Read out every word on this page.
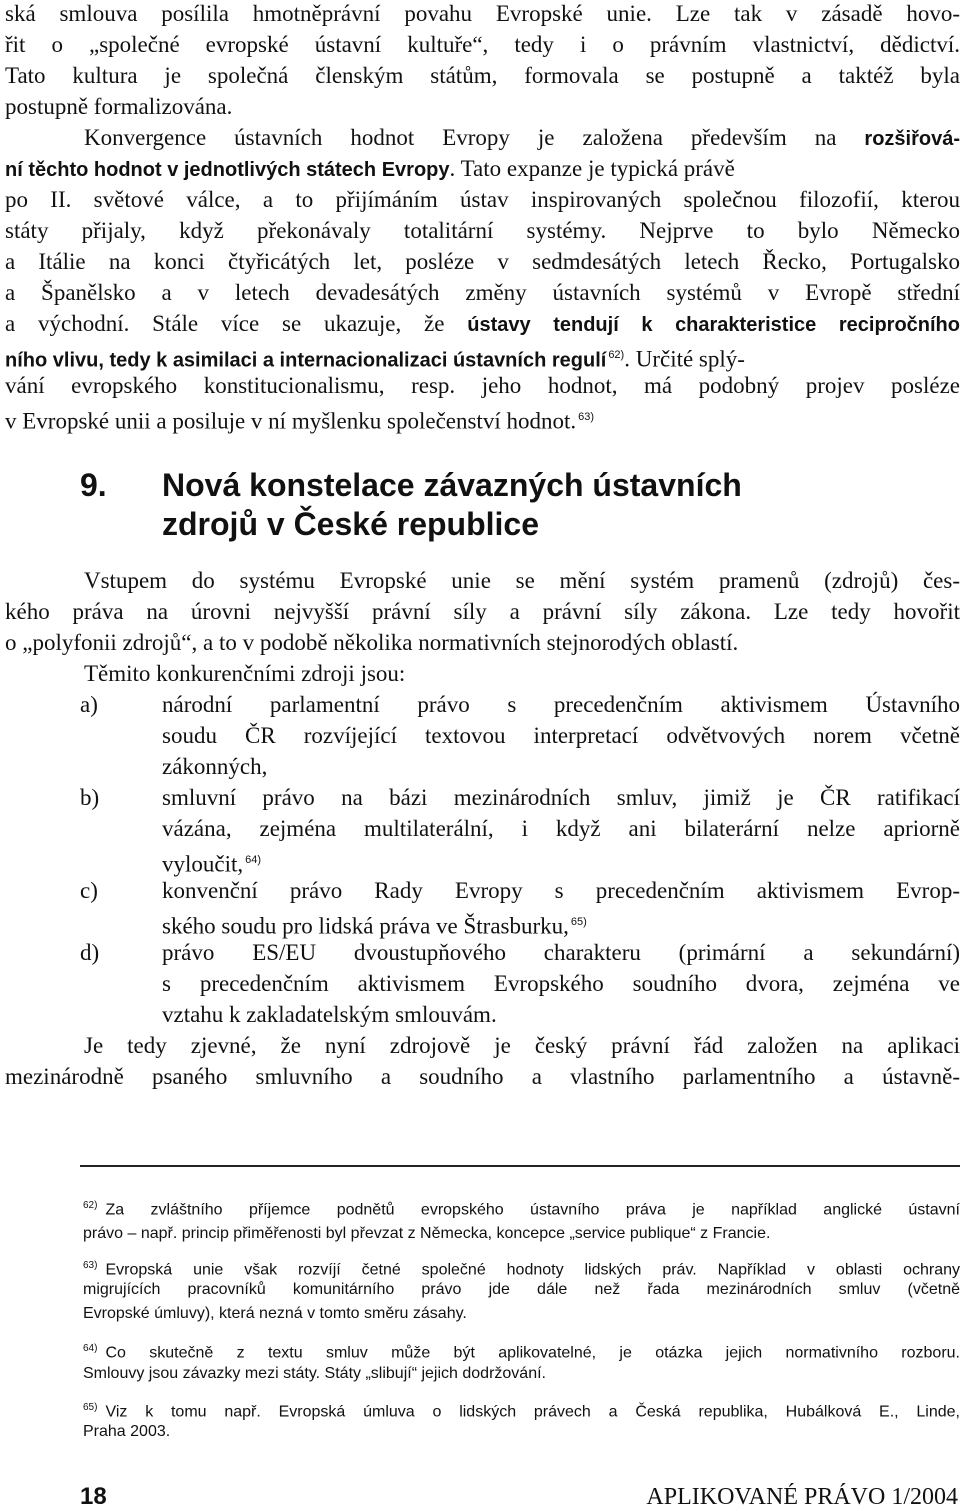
ská smlouva posílila hmotněprávní povahu Evropské unie. Lze tak v zásadě hovo-
řit o „společné evropské ústavní kultuře“, tedy i o právním vlastnictví, dědictví.
Tato kultura je společná členským státům, formovala se postupně a taktéž byla
postupně formalizována.
Konvergence ústavních hodnot Evropy je založena především na rozšiřová-
ní těchto hodnot v jednotlivých státech Evropy. Tato expanze je typická právě
po II. světové válce, a to přijímáním ústav inspirovaných společnou filozofií, kterou
státy přijaly, když překonávaly totalitární systémy. Nejprve to bylo Německo
a Itálie na konci čtyřicátých let, posléze v sedmdesátých letech Řecko, Portugalsko
a Španělsko a v letech devadesátých změny ústavních systémů v Evropě střední
a východní. Stále více se ukazuje, že ústavy tendují k charakteristice recipročního
ního vlivu, tedy k asimilaci a internacionalizaci ústavních regulí $^{62)}$. Určité splý-
vání evropského konstitucionalismu, resp. jeho hodnot, má podobný projev posléze
v Evropské unii a posiluje v ní myšlenku společenství hodnot. $^{63)}$
9. Nová konstelace závazných ústavních
zdrojů v České republice
Vstupem do systému Evropské unie se mění systém pramenů (zdrojů) čes-
kého práva na úrovni nejvyšší právní síly a právní síly zákona. Lze tedy hovořit
o „polyfonii zdrojů“, a to v podobě několika normativních stejnorodých oblastí.
Těmito konkurenčními zdroji jsou:
a)	národní parlamentní právo s precedenčním aktivismem Ústavního
soudu ČR rozvíjející textovou interpretací odvětvových norem včetně
zákonných,
b)	smluvní právo na bázi mezinárodních smluv, jimiž je ČR ratifikací
vázána, zejména multilaterální, i když ani bilaterární nelze apriorně
vyloučit, $^{64)}$
c)	konvenční právo Rady Evropy s precedenčním aktivismem Evrop-
ského soudu pro lidská práva ve Štrasburku, $^{65)}$
d)	právo ES/EU dvoustupňového charakteru (primární a sekundární)
s precedenčním aktivismem Evropského soudního dvora, zejména ve
vztahu k zakladatelským smlouvám.
Je tedy zjevné, že nyní zdrojově je český právní řád založen na aplikaci
mezinárodně psaného smluvního a soudního a vlastního parlamentního a ústavně-
$^{62)}$ Za zvláštního příjemce podnětů evropského ústavního práva je například anglické ústavní
právo – např. princip přiměřenosti byl převzat z Německa, koncepce „service publique“ z Francie.
$^{63)}$ Evropská unie však rozvíjí četné společné hodnoty lidských práv. Například v oblasti ochrany
migrujících pracovníků komunitárního právo jde dále než řada mezinárodních smluv (včetně
Evropské úmluvy), která nezná v tomto směru zásahy.
$^{64)}$ Co skutečně z textu smluv může být aplikovatelné, je otázka jejich normativního rozboru.
Smlouvy jsou závazky mezi státy. Státy „slibují“ jejich dodržování.
$^{65)}$ Viz k tomu např. Evropská úmluva o lidských právech a Česká republika, Hubálková E., Linde,
Praha 2003.
18	APLIKOVANÉ PRÁVO 1/2004
